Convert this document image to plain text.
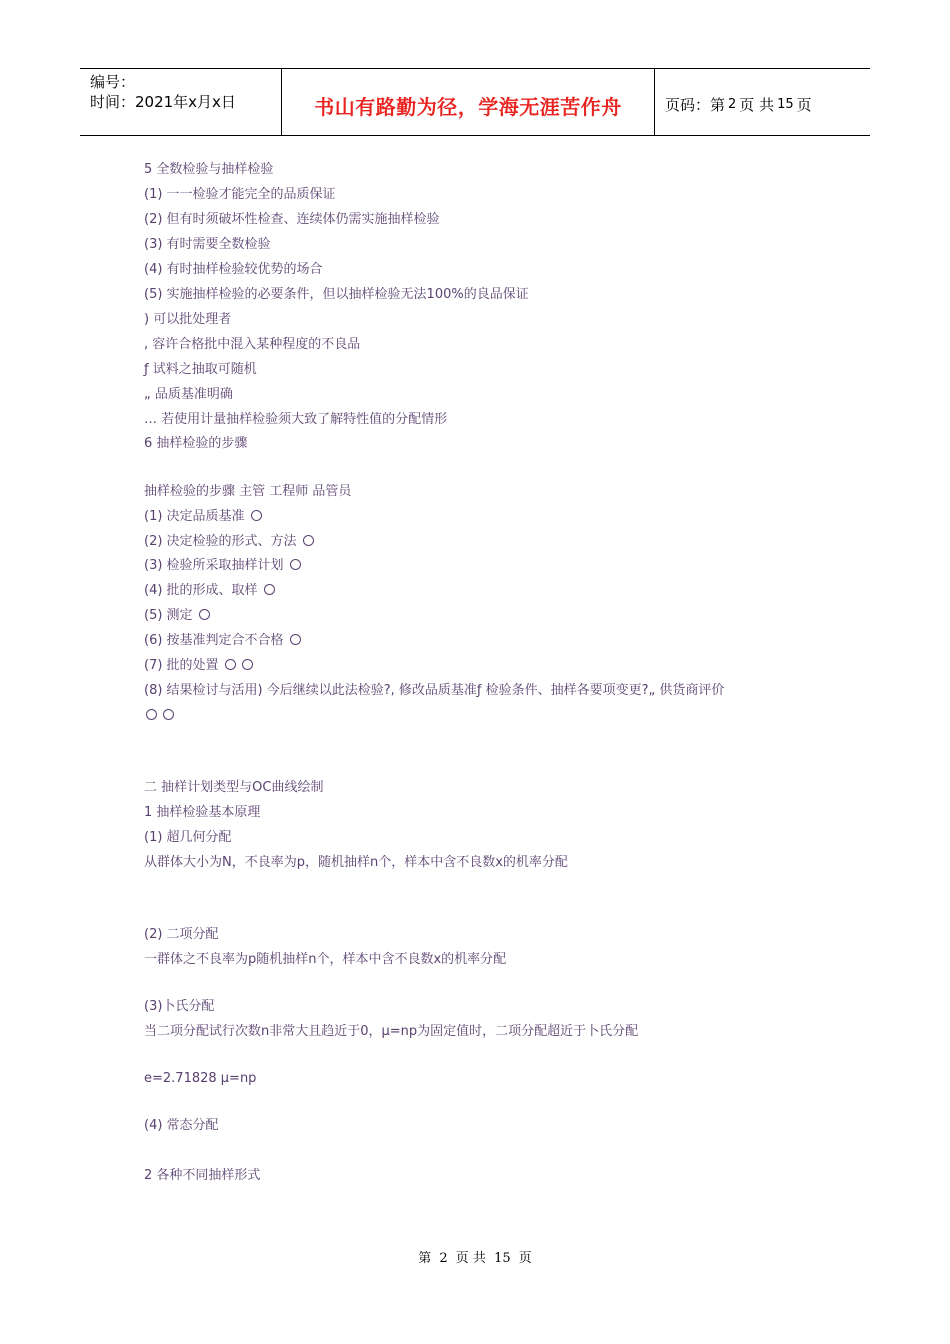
编号：
时间：2021年x月x日	书山有路勤为径，学海无涯苦作舟	页码：第 2 页 共 15 页
5 全数检验与抽样检验
(1) 一一检验才能完全的品质保证
(2) 但有时须破坏性检查、连续体仍需实施抽样检验
(3) 有时需要全数检验
(4) 有时抽样检验较优势的场合
(5) 实施抽样检验的必要条件，但以抽样检验无法100%的良品保证
) 可以批处理者
, 容许合格批中混入某种程度的不良品
ƒ 试料之抽取可随机
„ 品质基准明确
… 若使用计量抽样检验须大致了解特性值的分配情形
6 抽样检验的步骤
抽样检验的步骤 主管 工程师 品管员
(1) 决定品质基准
(2) 决定检验的形式、方法
(3) 检验所采取抽样计划
(4) 批的形成、取样
(5) 测定
(6) 按基准判定合不合格
(7) 批的处置
(8) 结果检讨与活用) 今后继续以此法检验?, 修改品质基准ƒ 检验条件、抽样各要项变更?„ 供货商评价
二 抽样计划类型与OC曲线绘制
1 抽样检验基本原理
(1) 超几何分配
从群体大小为N，不良率为p，随机抽样n个，样本中含不良数x的机率分配
(2) 二项分配
一群体之不良率为p随机抽样n个，样本中含不良数x的机率分配
(3)卜氏分配
当二项分配试行次数n非常大且趋近于0，μ=np为固定值时，二项分配超近于卜氏分配
e=2.71828 μ=np
(4) 常态分配
2 各种不同抽样形式
第 2 页 共 15 页
